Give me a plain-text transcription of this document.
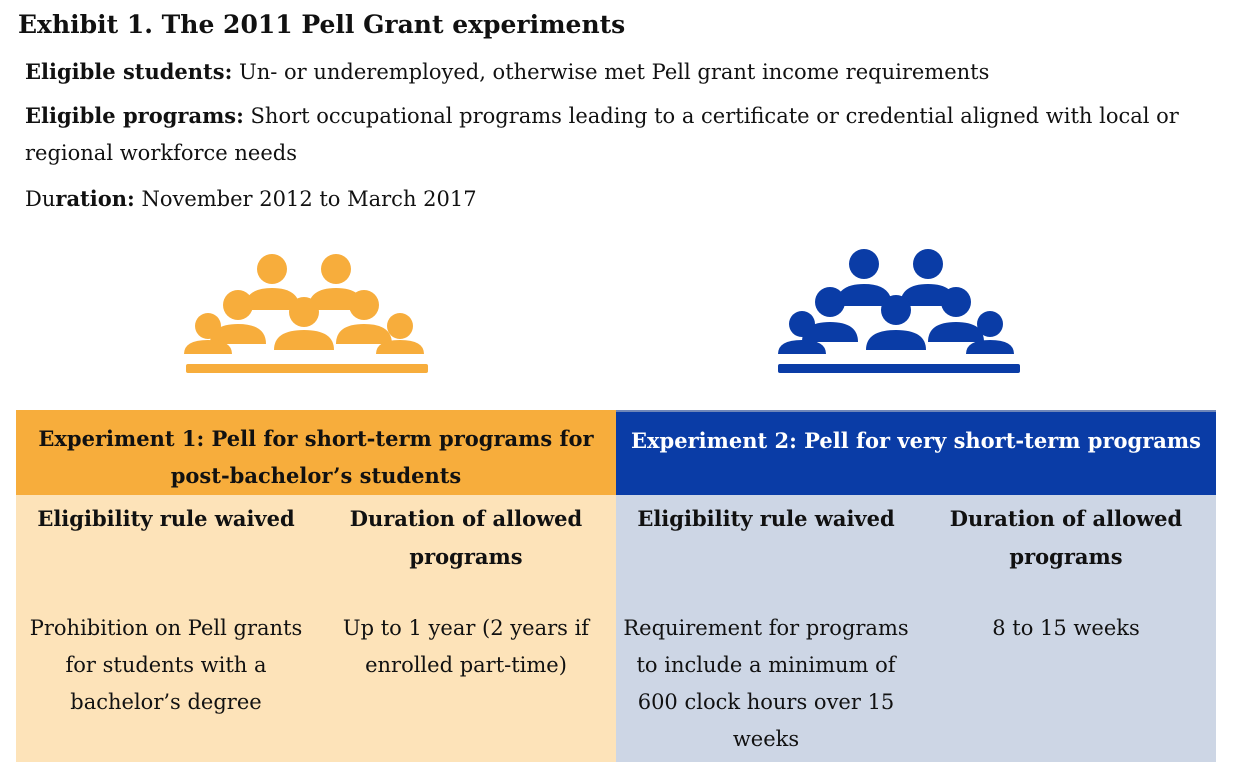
Exhibit 1. The 2011 Pell Grant experiments
Eligible students: Un- or underemployed, otherwise met Pell grant income requirements
Eligible programs: Short occupational programs leading to a certificate or credential aligned with local or regional workforce needs
Duration: November 2012 to March 2017
Experiment 1: Pell for short-term programs for post-bachelor’s students
Eligibility rule waived	Duration of allowed programs
Prohibition on Pell grants for students with a bachelor’s degree
Up to 1 year (2 years if enrolled part-time)
Experiment 2: Pell for very short-term programs
Eligibility rule waived	Duration of allowed programs
Requirement for programs to include a minimum of 600 clock hours over 15 weeks
8 to 15 weeks
